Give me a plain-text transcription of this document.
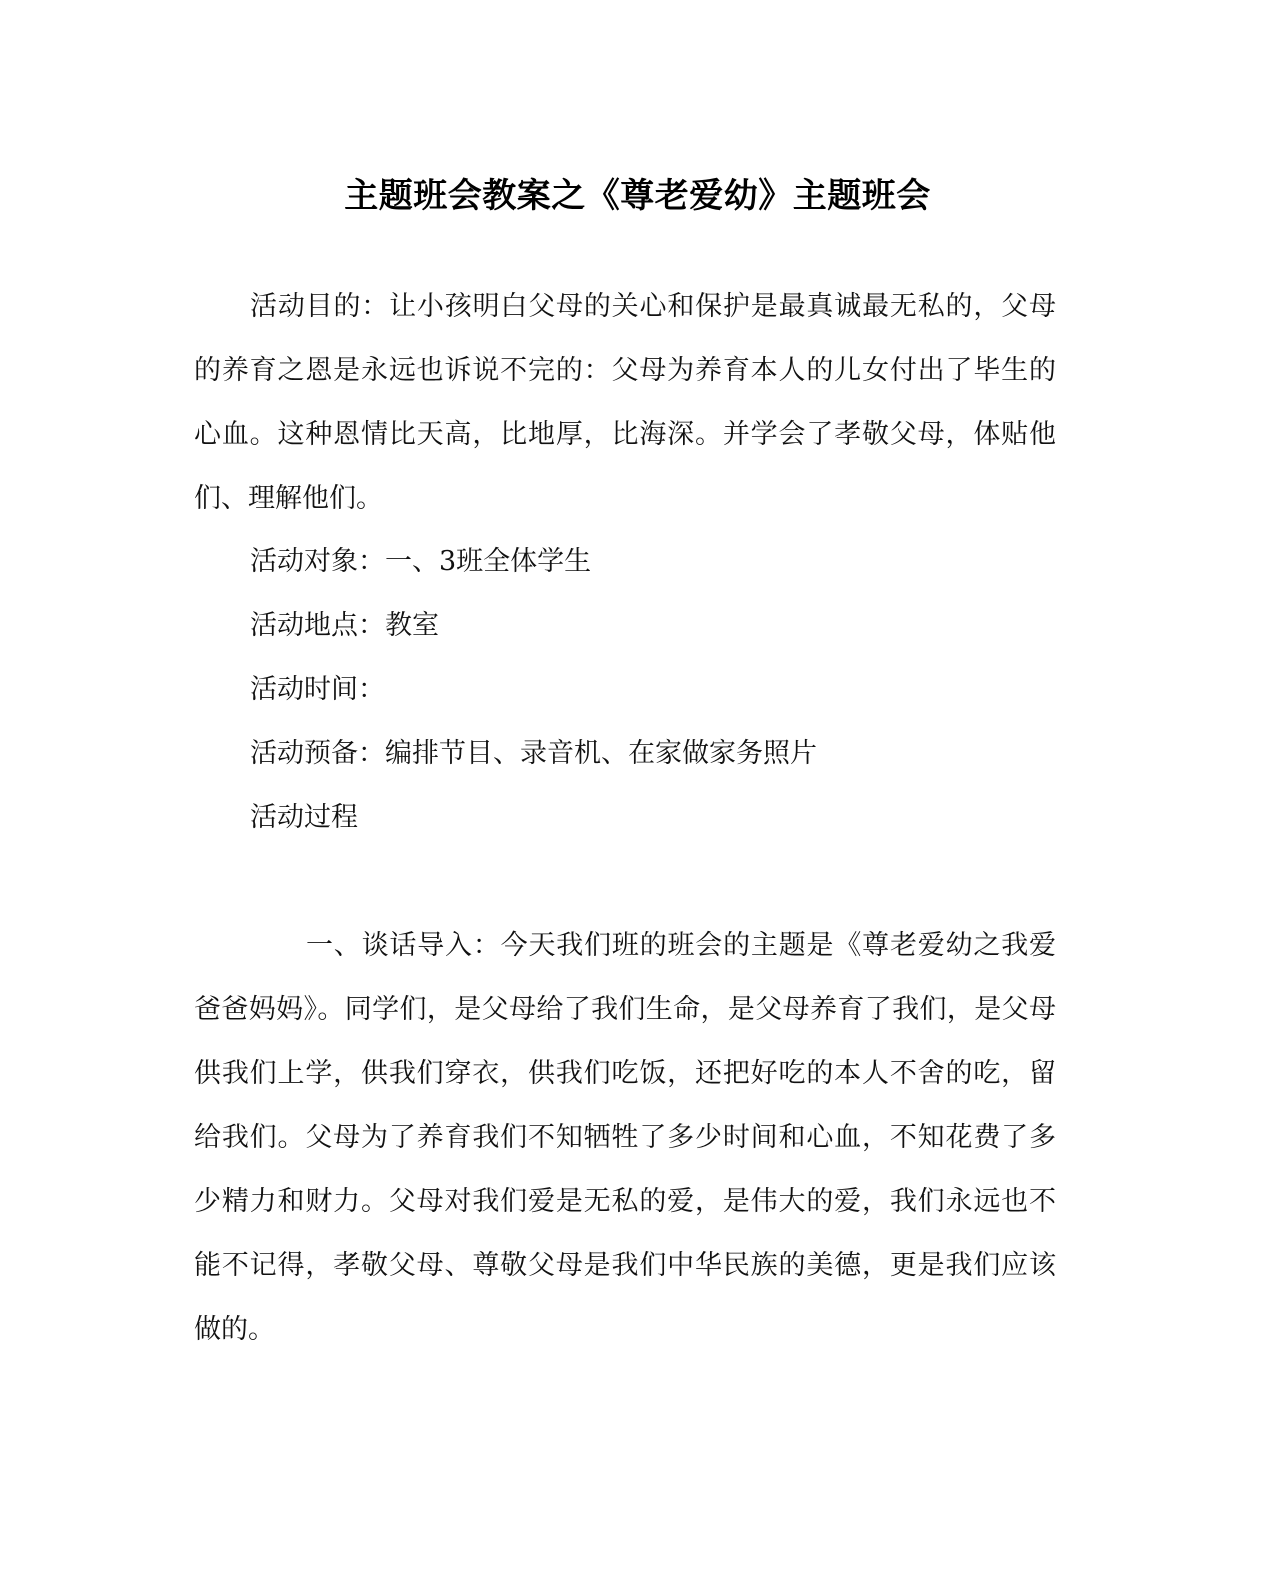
主题班会教案之《尊老爱幼》主题班会

活动目的：让小孩明白父母的关心和保护是最真诚最无私的，父母的养育之恩是永远也诉说不完的：父母为养育本人的儿女付出了毕生的心血。这种恩情比天高，比地厚，比海深。并学会了孝敬父母，体贴他们、理解他们。

活动对象：一、3班全体学生

活动地点：教室

活动时间：

活动预备：编排节目、录音机、在家做家务照片

活动过程

一、谈话导入：今天我们班的班会的主题是《尊老爱幼之我爱爸爸妈妈》。同学们，是父母给了我们生命，是父母养育了我们，是父母供我们上学，供我们穿衣，供我们吃饭，还把好吃的本人不舍的吃，留给我们。父母为了养育我们不知牺牲了多少时间和心血，不知花费了多少精力和财力。父母对我们爱是无私的爱，是伟大的爱，我们永远也不能不记得，孝敬父母、尊敬父母是我们中华民族的美德，更是我们应该做的。
